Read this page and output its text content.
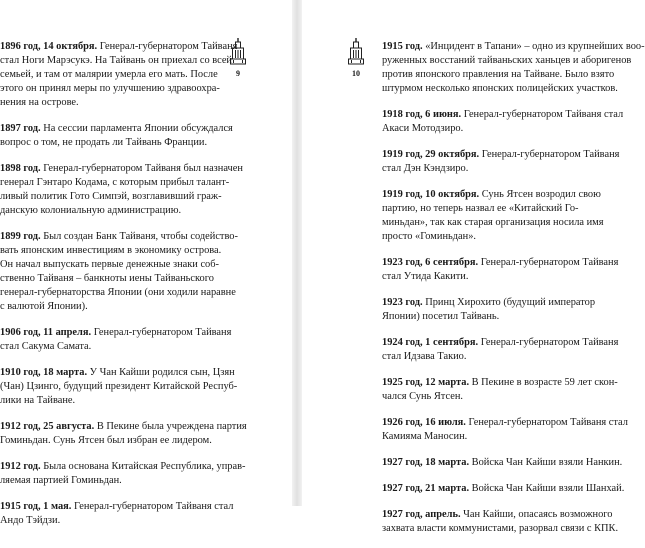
9	10

1896 год, 14 октября. Генерал-губернатором Тайваня
стал Ноги Марэсукэ. На Тайвань он приехал со всей
семьей, и там от малярии умерла его мать. После
этого он принял меры по улучшению здравоохра-
нения на острове.

1897 год. На сессии парламента Японии обсуждался
вопрос о том, не продать ли Тайвань Франции.

1898 год. Генерал-губернатором Тайваня был назначен
генерал Гэнтаро Кодама, с которым прибыл талант-
ливый политик Гото Симпэй, возглавивший граж-
данскую колониальную администрацию.

1899 год. Был создан Банк Тайваня, чтобы содейство-
вать японским инвестициям в экономику острова.
Он начал выпускать первые денежные знаки соб-
ственно Тайваня – банкноты иены Тайваньского
генерал-губернаторства Японии (они ходили наравне
с валютой Японии).

1906 год, 11 апреля. Генерал-губернатором Тайваня
стал Сакума Самата.

1910 год, 18 марта. У Чан Кайши родился сын, Цзян
(Чан) Цзинго, будущий президент Китайской Респуб-
лики на Тайване.

1912 год, 25 августа. В Пекине была учреждена партия
Гоминьдан. Сунь Ятсен был избран ее лидером.

1912 год. Была основана Китайская Республика, управ-
ляемая партией Гоминьдан.

1915 год, 1 мая. Генерал-губернатором Тайваня стал
Андо Тэйдзи.

1915 год. «Инцидент в Тапани» – одно из крупнейших воо-
руженных восстаний тайваньских ханьцев и аборигенов
против японского правления на Тайване. Было взято
штурмом несколько японских полицейских участков.

1918 год, 6 июня. Генерал-губернатором Тайваня стал
Акаси Мотодзиро.

1919 год, 29 октября. Генерал-губернатором Тайваня
стал Дэн Кэндзиро.

1919 год, 10 октября. Сунь Ятсен возродил свою
партию, но теперь назвал ее «Китайский Го-
миньдан», так как старая организация носила имя
просто «Гоминьдан».

1923 год, 6 сентября. Генерал-губернатором Тайваня
стал Утида Какити.

1923 год. Принц Хирохито (будущий император
Японии) посетил Тайвань.

1924 год, 1 сентября. Генерал-губернатором Тайваня
стал Идзава Такио.

1925 год, 12 марта. В Пекине в возрасте 59 лет скон-
чался Сунь Ятсен.

1926 год, 16 июля. Генерал-губернатором Тайваня стал
Камияма Маносин.

1927 год, 18 марта. Войска Чан Кайши взяли Нанкин.

1927 год, 21 марта. Войска Чан Кайши взяли Шанхай.

1927 год, апрель. Чан Кайши, опасаясь возможного
захвата власти коммунистами, разорвал связи с КПК.
